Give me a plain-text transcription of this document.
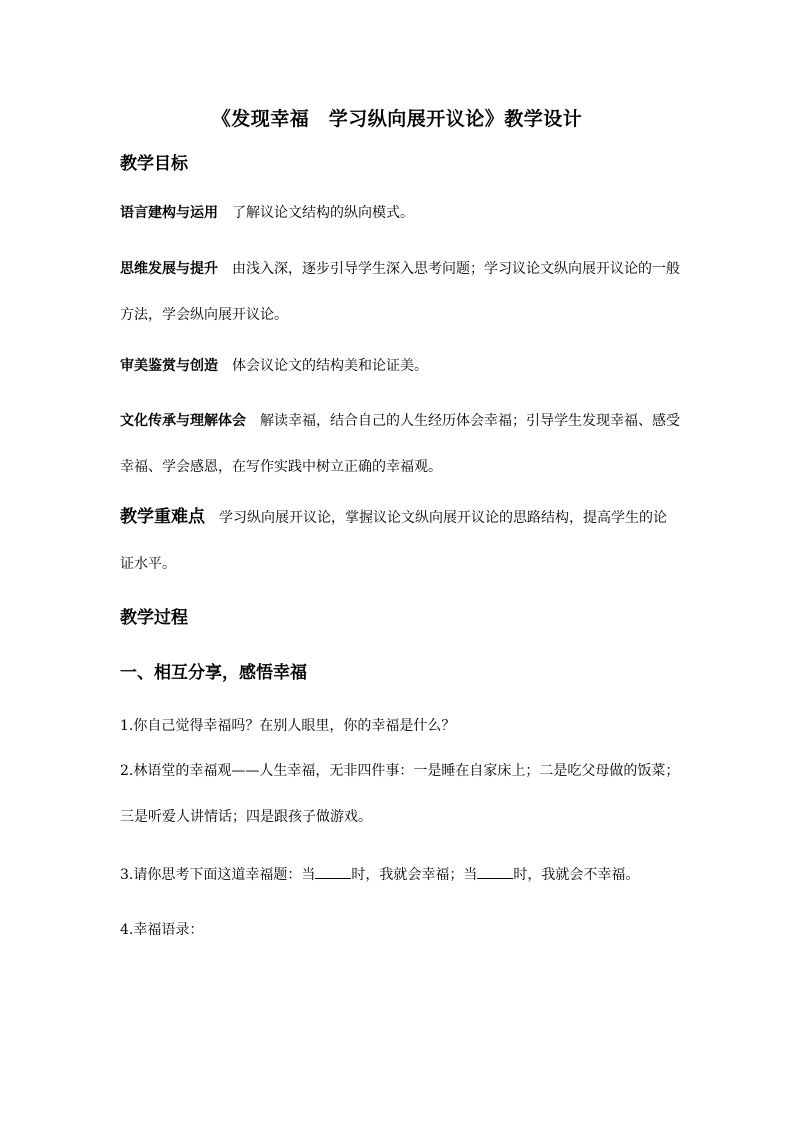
《发现幸福　学习纵向展开议论》教学设计
教学目标
语言建构与运用 了解议论文结构的纵向模式。
思维发展与提升 由浅入深，逐步引导学生深入思考问题；学习议论文纵向展开议论的一般
方法，学会纵向展开议论。
审美鉴赏与创造 体会议论文的结构美和论证美。
文化传承与理解体会 解读幸福，结合自己的人生经历体会幸福；引导学生发现幸福、感受
幸福、学会感恩，在写作实践中树立正确的幸福观。
教学重难点 学习纵向展开议论，掌握议论文纵向展开议论的思路结构，提高学生的论
证水平。
教学过程
一、相互分享，感悟幸福
1.你自己觉得幸福吗？在别人眼里，你的幸福是什么？
2.林语堂的幸福观——人生幸福，无非四件事：一是睡在自家床上；二是吃父母做的饭菜；
三是听爱人讲情话；四是跟孩子做游戏。
3.请你思考下面这道幸福题：当	时，我就会幸福；当	时，我就会不幸福。
4.幸福语录：
